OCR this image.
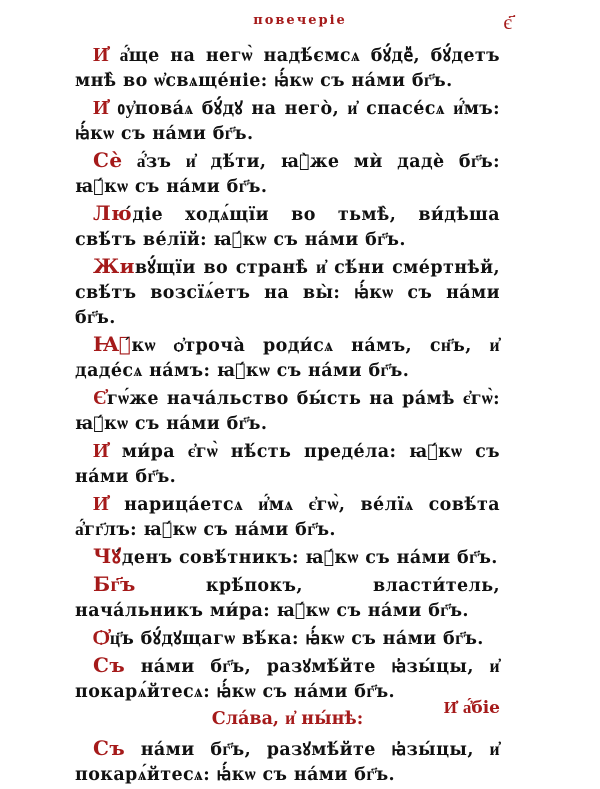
повечеріе	є҃

И҆ а҆́ще на негѡ̀ надѣ́ємсѧ бꙋ́деⷨ, бꙋ́детъ мнѣ̀ во ѡ҆свѧще́ніе: ꙗ҆́кѡ съ на́ми бг҃ъ.

И҆ ᲂу҆пова́ѧ бꙋ́дꙋ на него̀, и҆ спасе́сѧ и҆́мъ: ꙗ҆́кѡ съ на́ми бг҃ъ.

Сѐ а҆́зъ и҆ дѣ́ти, ꙗ҆̀же мѝ дадѐ бг҃ъ: ꙗ҆́кѡ съ на́ми бг҃ъ.

Лю́діе ходѧ́щїи во тьмѣ̀, ви́дѣша свѣ́тъ ве́лїй: ꙗ҆́кѡ съ на́ми бг҃ъ.

Живꙋ́щїи во странѣ̀ и҆ сѣ́ни сме́ртнѣй, свѣ́тъ возсїѧ́етъ на вы̀: ꙗ҆́кѡ съ на́ми бг҃ъ.

Ꙗ҆́кѡ ѻ҆троча̀ роди́сѧ на́мъ, сн҃ъ, и҆ даде́сѧ на́мъ: ꙗ҆́кѡ съ на́ми бг҃ъ.

Є҆гѡ́же нача́льство бы́сть на ра́мѣ є҆гѡ̀: ꙗ҆́кѡ съ на́ми бг҃ъ.

И҆ ми́ра є҆гѡ̀ нѣ́сть преде́ла: ꙗ҆́кѡ съ на́ми бг҃ъ.

И҆ нарица́етсѧ и҆́мѧ є҆гѡ̀, ве́лїѧ совѣ́та а҆́гг҃лъ: ꙗ҆́кѡ съ на́ми бг҃ъ.

Чꙋ́денъ совѣ́тникъ: ꙗ҆́кѡ съ на́ми бг҃ъ.

Бг҃ъ крѣ́покъ, власти́тель, нача́льникъ ми́ра: ꙗ҆́кѡ съ на́ми бг҃ъ.

Ѻ҆ц҃ъ бꙋ́дꙋщагѡ вѣ́ка: ꙗ҆́кѡ съ на́ми бг҃ъ.

Съ на́ми бг҃ъ, разꙋмѣ́йте ꙗ҆зы́цы, и҆ покарѧ́йтесѧ: ꙗ҆́кѡ съ на́ми бг҃ъ.

Сла́ва, и҆ ны́нѣ:

Съ на́ми бг҃ъ, разꙋмѣ́йте ꙗ҆зы́цы, и҆ покарѧ́йтесѧ: ꙗ҆́кѡ съ на́ми бг҃ъ.

И҆ а҆́біе
